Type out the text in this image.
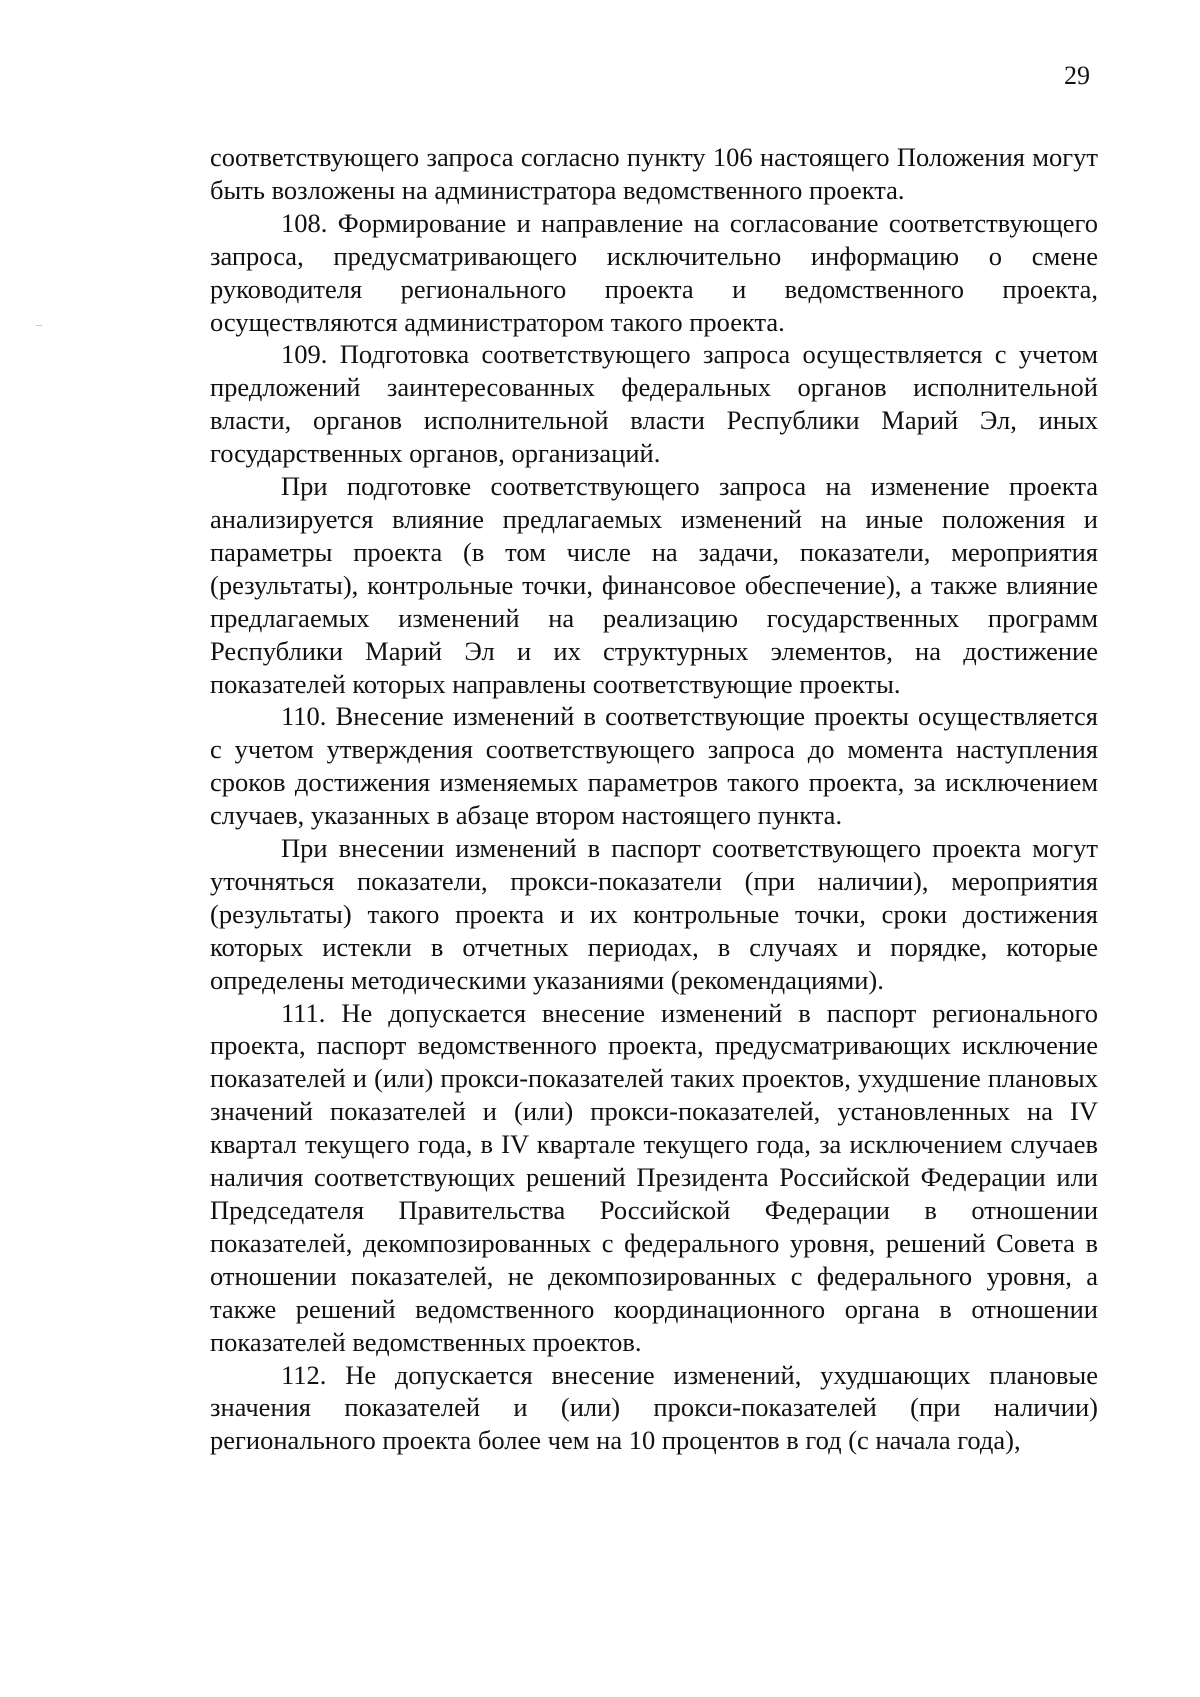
29

соответствующего запроса согласно пункту 106 настоящего Положения могут быть возложены на администратора ведомственного проекта.

108. Формирование и направление на согласование соответствующего запроса, предусматривающего исключительно информацию о смене руководителя регионального проекта и ведомственного проекта, осуществляются администратором такого проекта.

109. Подготовка соответствующего запроса осуществляется с учетом предложений заинтересованных федеральных органов исполнительной власти, органов исполнительной власти Республики Марий Эл, иных государственных органов, организаций.

При подготовке соответствующего запроса на изменение проекта анализируется влияние предлагаемых изменений на иные положения и параметры проекта (в том числе на задачи, показатели, мероприятия (результаты), контрольные точки, финансовое обеспечение), а также влияние предлагаемых изменений на реализацию государственных программ Республики Марий Эл и их структурных элементов, на достижение показателей которых направлены соответствующие проекты.

110. Внесение изменений в соответствующие проекты осуществляется с учетом утверждения соответствующего запроса до момента наступления сроков достижения изменяемых параметров такого проекта, за исключением случаев, указанных в абзаце втором настоящего пункта.

При внесении изменений в паспорт соответствующего проекта могут уточняться показатели, прокси-показатели (при наличии), мероприятия (результаты) такого проекта и их контрольные точки, сроки достижения которых истекли в отчетных периодах, в случаях и порядке, которые определены методическими указаниями (рекомендациями).

111. Не допускается внесение изменений в паспорт регионального проекта, паспорт ведомственного проекта, предусматривающих исключение показателей и (или) прокси-показателей таких проектов, ухудшение плановых значений показателей и (или) прокси-показателей, установленных на IV квартал текущего года, в IV квартале текущего года, за исключением случаев наличия соответствующих решений Президента Российской Федерации или Председателя Правительства Российской Федерации в отношении показателей, декомпозированных с федерального уровня, решений Совета в отношении показателей, не декомпозированных с федерального уровня, а также решений ведомственного координационного органа в отношении показателей ведомственных проектов.

112. Не допускается внесение изменений, ухудшающих плановые значения показателей и (или) прокси-показателей (при наличии) регионального проекта более чем на 10 процентов в год (с начала года),
